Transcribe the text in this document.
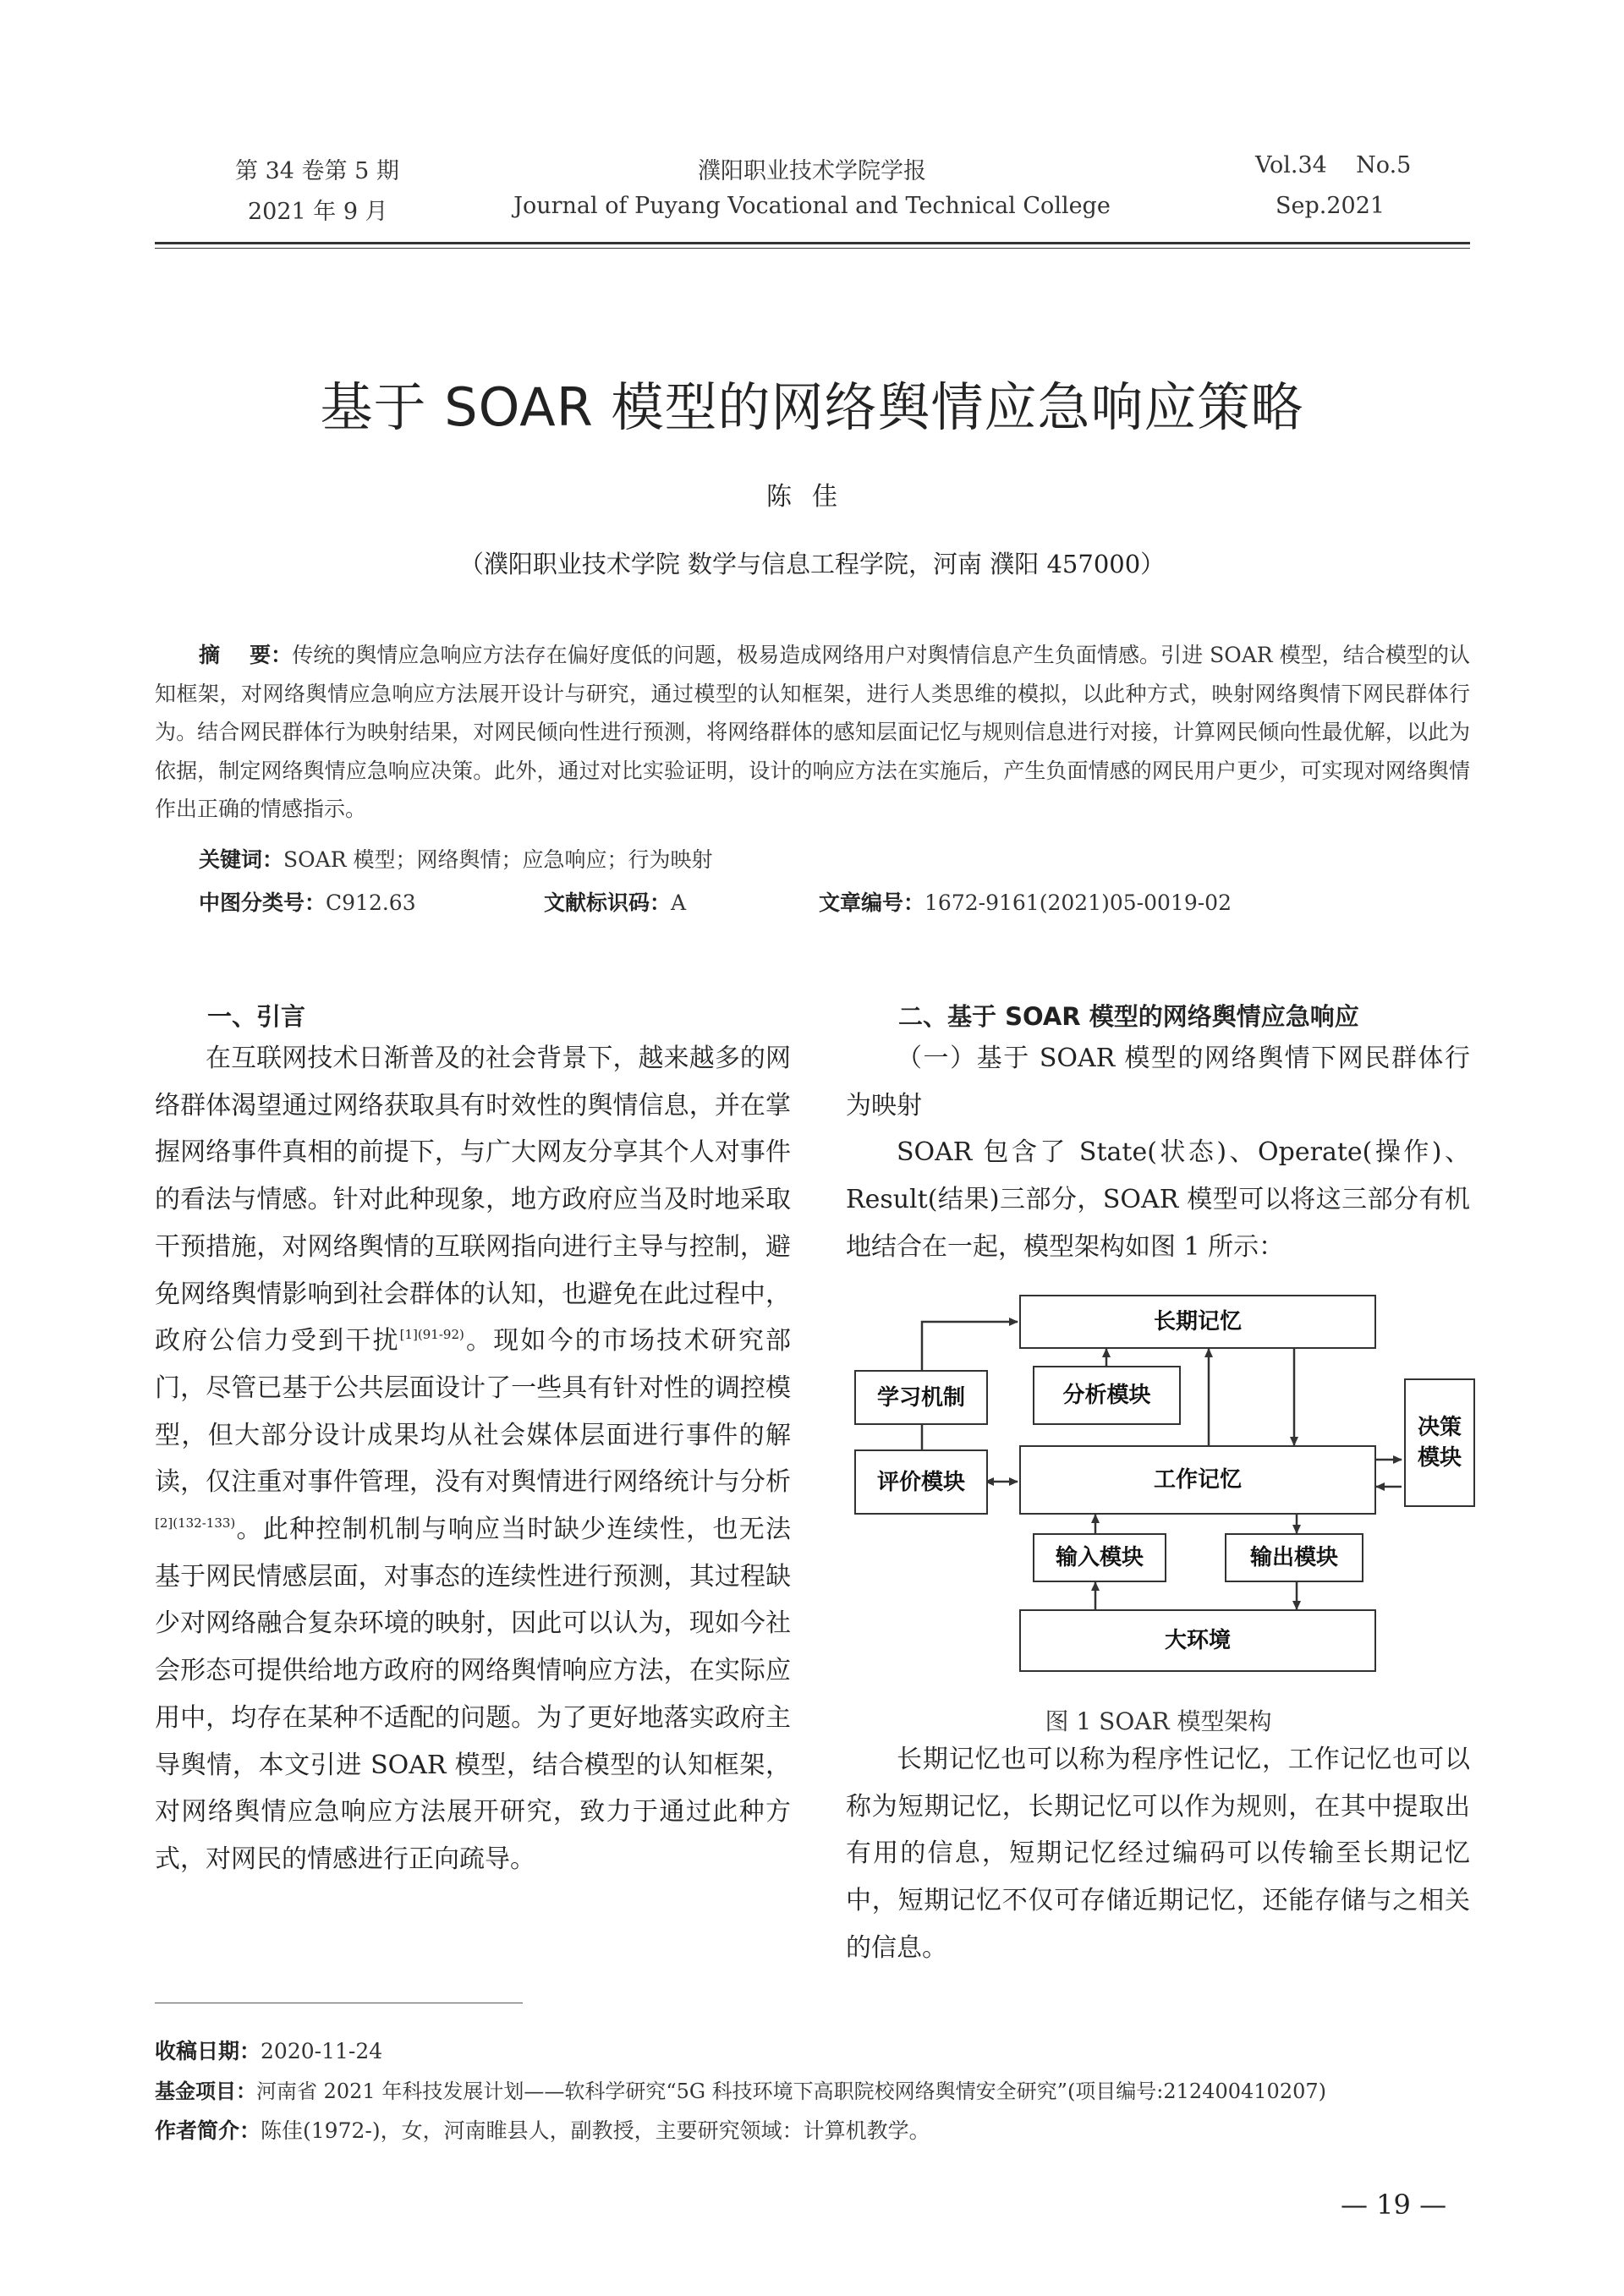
第 34 卷第 5 期
2021 年 9 月
濮阳职业技术学院学报
Journal of Puyang Vocational and Technical College
Vol.34    No.5
Sep.2021
基于 SOAR 模型的网络舆情应急响应策略
陈佳
（濮阳职业技术学院 数学与信息工程学院，河南 濮阳 457000）
摘    要：传统的舆情应急响应方法存在偏好度低的问题，极易造成网络用户对舆情信息产生负面情感。引进 SOAR 模型，结合模型的认知框架，对网络舆情应急响应方法展开设计与研究，通过模型的认知框架，进行人类思维的模拟，以此种方式，映射网络舆情下网民群体行为。结合网民群体行为映射结果，对网民倾向性进行预测，将网络群体的感知层面记忆与规则信息进行对接，计算网民倾向性最优解，以此为依据，制定网络舆情应急响应决策。此外，通过对比实验证明，设计的响应方法在实施后，产生负面情感的网民用户更少，可实现对网络舆情作出正确的情感指示。
关键词：SOAR 模型；网络舆情；应急响应；行为映射
中图分类号：C912.63	文献标识码：A	文章编号：1672-9161(2021)05-0019-02
一、引言

在互联网技术日渐普及的社会背景下，越来越多的网络群体渴望通过网络获取具有时效性的舆情信息，并在掌握网络事件真相的前提下，与广大网友分享其个人对事件的看法与情感。针对此种现象，地方政府应当及时地采取干预措施，对网络舆情的互联网指向进行主导与控制，避免网络舆情影响到社会群体的认知，也避免在此过程中，政府公信力受到干扰$^{[1](91-92)}$。现如今的市场技术研究部门，尽管已基于公共层面设计了一些具有针对性的调控模型，但大部分设计成果均从社会媒体层面进行事件的解读，仅注重对事件管理，没有对舆情进行网络统计与分析$^{[2](132-133)}$。此种控制机制与响应当时缺少连续性，也无法基于网民情感层面，对事态的连续性进行预测，其过程缺少对网络融合复杂环境的映射，因此可以认为，现如今社会形态可提供给地方政府的网络舆情响应方法，在实际应用中，均存在某种不适配的问题。为了更好地落实政府主导舆情，本文引进 SOAR 模型，结合模型的认知框架，对网络舆情应急响应方法展开研究，致力于通过此种方式，对网民的情感进行正向疏导。

二、基于 SOAR 模型的网络舆情应急响应

（一）基于 SOAR 模型的网络舆情下网民群体行为映射

SOAR 包含了 State(状态)、Operate(操作)、Result(结果)三部分，SOAR 模型可以将这三部分有机地结合在一起，模型架构如图 1 所示：

长期记忆
学习机制	分析模块
决策
模块
评价模块	工作记忆
输入模块	输出模块
大环境
图 1 SOAR 模型架构

长期记忆也可以称为程序性记忆，工作记忆也可以称为短期记忆，长期记忆可以作为规则，在其中提取出有用的信息，短期记忆经过编码可以传输至长期记忆中，短期记忆不仅可存储近期记忆，还能存储与之相关的信息。

收稿日期：2020-11-24
基金项目：河南省 2021 年科技发展计划——软科学研究“5G 科技环境下高职院校网络舆情安全研究”(项目编号:212400410207)
作者简介：陈佳(1972-)，女，河南睢县人，副教授，主要研究领域：计算机教学。
— 19 —
